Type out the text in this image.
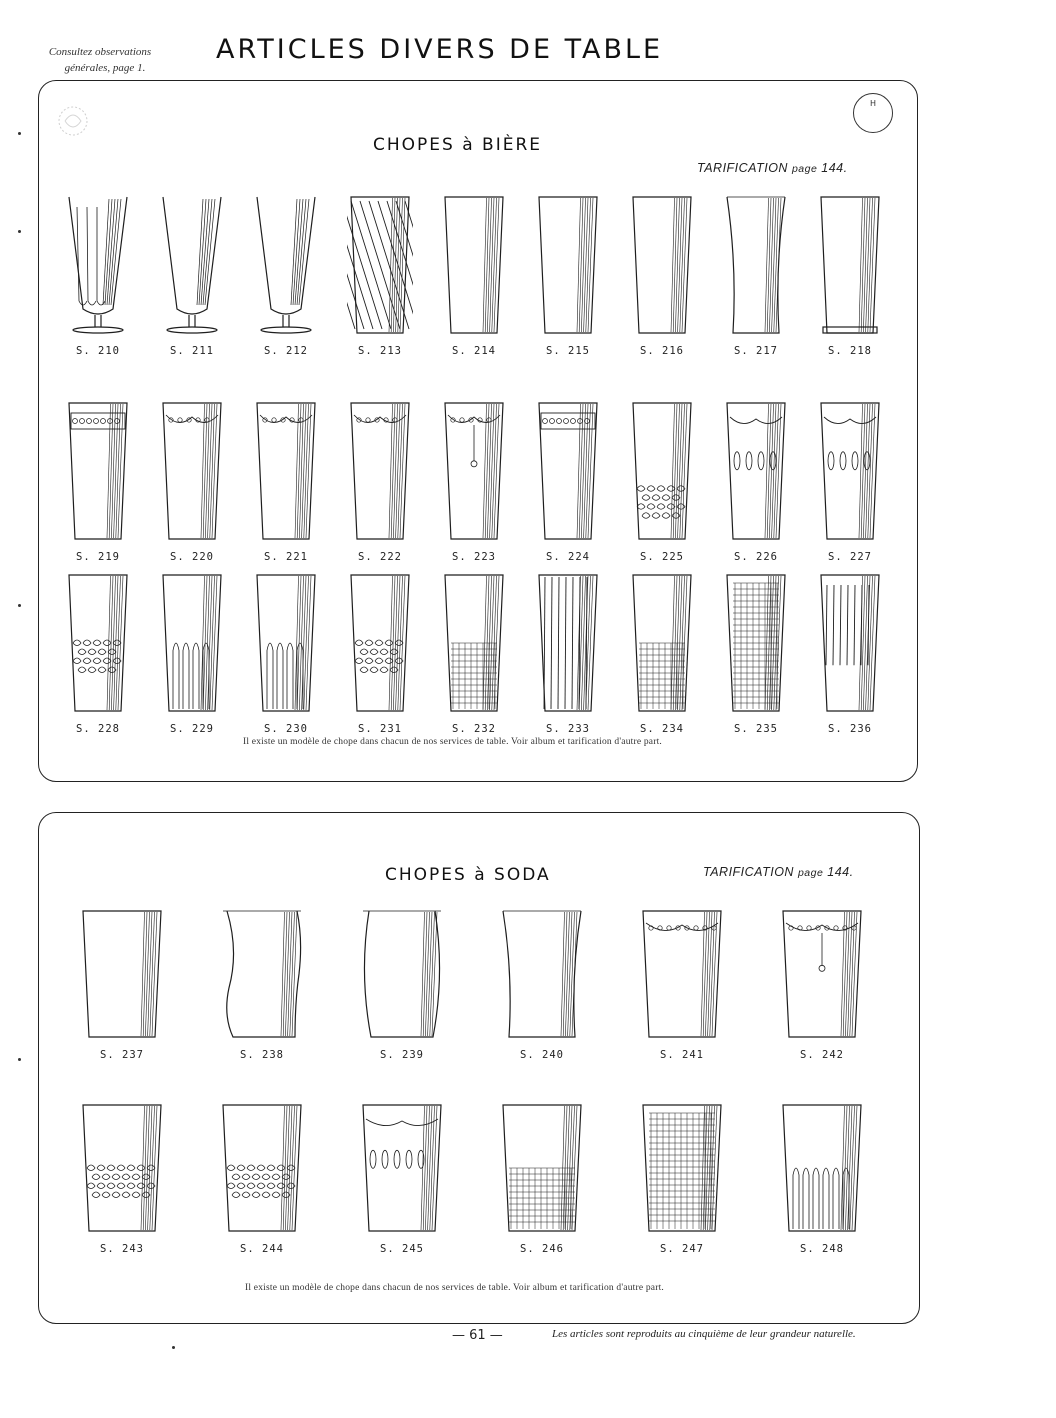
Consultez observations
générales, page 1.
ARTICLES DIVERS DE TABLE
CHOPES à BIÈRE
H
TARIFICATION page 144.
S. 210	S. 211	S. 212	S. 213	S. 214	S. 215	S. 216	S. 217	S. 218
S. 219	S. 220	S. 221	S. 222	S. 223	S. 224	S. 225	S. 226	S. 227
S. 228	S. 229	S. 230	S. 231	S. 232	S. 233	S. 234	S. 235	S. 236
Il existe un modèle de chope dans chacun de nos services de table. Voir album et tarification d'autre part.
CHOPES à SODA	TARIFICATION page 144.
S. 237	S. 238	S. 239	S. 240	S. 241	S. 242
S. 243	S. 244	S. 245	S. 246	S. 247	S. 248
Il existe un modèle de chope dans chacun de nos services de table. Voir album et tarification d'autre part.
— 61 —	Les articles sont reproduits au cinquième de leur grandeur naturelle.
